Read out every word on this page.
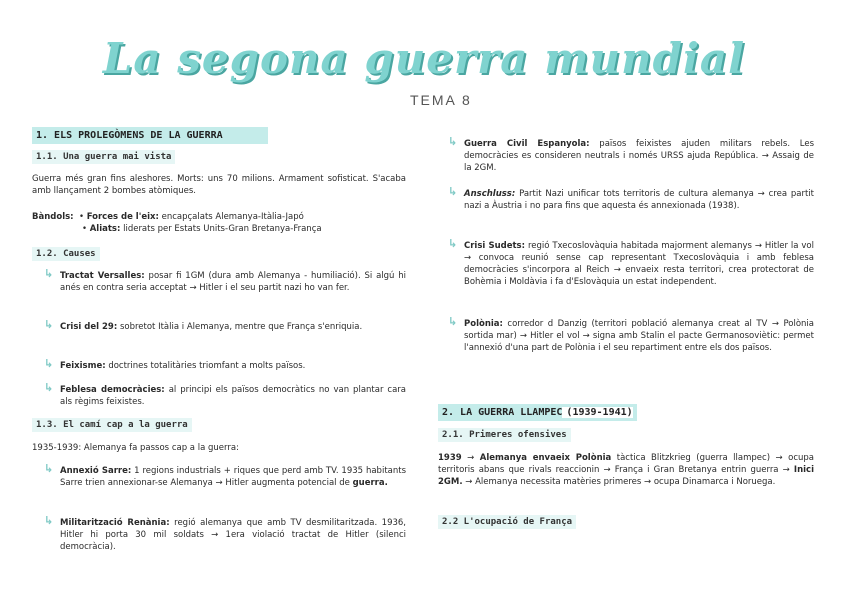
La segona guerra mundial
TEMA 8
1. ELS PROLEGÒMENS DE LA GUERRA
1.1. Una guerra mai vista
Guerra més gran fins aleshores. Morts: uns 70 milions. Armament sofisticat. S'acaba amb llançament 2 bombes atòmiques.
Bàndols:  • Forces de l'eix: encapçalats Alemanya-Itàlia-Japó
• Aliats: liderats per Estats Units-Gran Bretanya-França
1.2. Causes
↳ Tractat Versalles: posar fi 1GM (dura amb Alemanya - humiliació). Si algú hi anés en contra seria acceptat → Hitler i el seu partit nazi ho van fer.
↳ Crisi del 29: sobretot Itàlia i Alemanya, mentre que França s'enriquia.
↳ Feixisme: doctrines totalitàries triomfant a molts països.
↳ Feblesa democràcies: al principi els països democràtics no van plantar cara als règims feixistes.
1.3. El camí cap a la guerra
1935-1939: Alemanya fa passos cap a la guerra:
↳ Annexió Sarre: 1 regions industrials + riques que perd amb TV. 1935 habitants Sarre trien annexionar-se Alemanya → Hitler augmenta potencial de guerra.
↳ Militarització Renània: regió alemanya que amb TV desmilitaritzada. 1936, Hitler hi porta 30 mil soldats → 1era violació tractat de Hitler (silenci democràcia).
↳ Guerra Civil Espanyola: països feixistes ajuden militars rebels. Les democràcies es consideren neutrals i només URSS ajuda República. → Assaig de la 2GM.
↳ Anschluss: Partit Nazi unificar tots territoris de cultura alemanya → crea partit nazi a Àustria i no para fins que aquesta és annexionada (1938).
↳ Crisi Sudets: regió Txecoslovàquia habitada majorment alemanys → Hitler la vol → convoca reunió sense cap representant Txecoslovàquia i amb feblesa democràcies s'incorpora al Reich → envaeix resta territori, crea protectorat de Bohèmia i Moldàvia i fa d'Eslovàquia un estat independent.
↳ Polònia: corredor d Danzig (territori població alemanya creat al TV → Polònia sortida mar) → Hitler el vol → signa amb Stalin el pacte Germanosoviètic: permet l'annexió d'una part de Polònia i el seu repartiment entre els dos països.
2. LA GUERRA LLAMPEC (1939-1941)
2.1. Primeres ofensives
1939 → Alemanya envaeix Polònia tàctica Blitzkrieg (guerra llampec) → ocupa territoris abans que rivals reaccionin → França i Gran Bretanya entrin guerra → Inici 2GM. → Alemanya necessita matèries primeres → ocupa Dinamarca i Noruega.
2.2 L'ocupació de França
